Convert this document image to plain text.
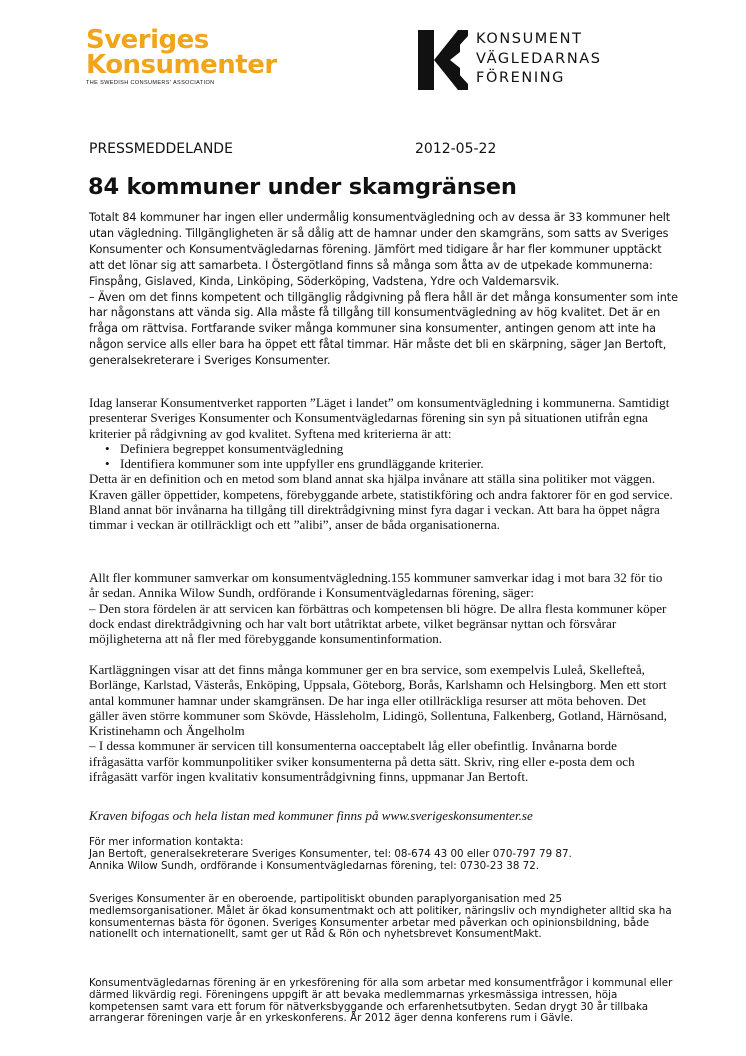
Sveriges
Konsumenter
THE SWEDISH CONSUMERS' ASSOCIATION
KONSUMENT
VÄGLEDARNAS
FÖRENING
PRESSMEDDELANDE	2012-05-22
84 kommuner under skamgränsen

Totalt 84 kommuner har ingen eller undermålig konsumentvägledning och av dessa är 33 kommuner helt utan vägledning. Tillgängligheten är så dålig att de hamnar under den skamgräns, som satts av Sveriges Konsumenter och Konsumentvägledarnas förening. Jämfört med tidigare år har fler kommuner upptäckt att det lönar sig att samarbeta. I Östergötland finns så många som åtta av de utpekade kommunerna: Finspång, Gislaved, Kinda, Linköping, Söderköping, Vadstena, Ydre och Valdemarsvik.

– Även om det finns kompetent och tillgänglig rådgivning på flera håll är det många konsumenter som inte har någonstans att vända sig. Alla måste få tillgång till konsumentvägledning av hög kvalitet. Det är en fråga om rättvisa. Fortfarande sviker många kommuner sina konsumenter, antingen genom att inte ha någon service alls eller bara ha öppet ett fåtal timmar. Här måste det bli en skärpning, säger Jan Bertoft, generalsekreterare i Sveriges Konsumenter.

Idag lanserar Konsumentverket rapporten ”Läget i landet” om konsumentvägledning i kommunerna. Samtidigt presenterar Sveriges Konsumenter och Konsumentvägledarnas förening sin syn på situationen utifrån egna kriterier på rådgivning av god kvalitet. Syftena med kriterierna är att:

Definiera begreppet konsumentvägledning
Identifiera kommuner som inte uppfyller ens grundläggande kriterier.

Detta är en definition och en metod som bland annat ska hjälpa invånare att ställa sina politiker mot väggen. Kraven gäller öppettider, kompetens, förebyggande arbete, statistikföring och andra faktorer för en god service. Bland annat bör invånarna ha tillgång till direktrådgivning minst fyra dagar i veckan. Att bara ha öppet några timmar i veckan är otillräckligt och ett ”alibi”, anser de båda organisationerna.

Allt fler kommuner samverkar om konsumentvägledning.155 kommuner samverkar idag i mot bara 32 för tio år sedan. Annika Wilow Sundh, ordförande i Konsumentvägledarnas förening, säger:

– Den stora fördelen är att servicen kan förbättras och kompetensen bli högre. De allra flesta kommuner köper dock endast direktrådgivning och har valt bort utåtriktat arbete, vilket begränsar nyttan och försvårar möjligheterna att nå fler med förebyggande konsumentinformation.

Kartläggningen visar att det finns många kommuner ger en bra service, som exempelvis Luleå, Skellefteå, Borlänge, Karlstad, Västerås, Enköping, Uppsala, Göteborg, Borås, Karlshamn och Helsingborg. Men ett stort antal kommuner hamnar under skamgränsen. De har inga eller otillräckliga resurser att möta behoven. Det gäller även större kommuner som Skövde, Hässleholm, Lidingö, Sollentuna, Falkenberg, Gotland, Härnösand, Kristinehamn och Ängelholm

– I dessa kommuner är servicen till konsumenterna oacceptabelt låg eller obefintlig. Invånarna borde ifrågasätta varför kommunpolitiker sviker konsumenterna på detta sätt. Skriv, ring eller e-posta dem och ifrågasätt varför ingen kvalitativ konsumentrådgivning finns, uppmanar Jan Bertoft.

Kraven bifogas och hela listan med kommuner finns på www.sverigeskonsumenter.se

För mer information kontakta:

Jan Bertoft, generalsekreterare Sveriges Konsumenter, tel: 08-674 43 00 eller 070-797 79 87.

Annika Wilow Sundh, ordförande i Konsumentvägledarnas förening, tel: 0730-23 38 72.

Sveriges Konsumenter är en oberoende, partipolitiskt obunden paraplyorganisation med 25 medlemsorganisationer. Målet är ökad konsumentmakt och att politiker, näringsliv och myndigheter alltid ska ha konsumenternas bästa för ögonen. Sveriges Konsumenter arbetar med påverkan och opinionsbildning, både nationellt och internationellt, samt ger ut Råd & Rön och nyhetsbrevet KonsumentMakt.
Konsumentvägledarnas förening är en yrkesförening för alla som arbetar med konsumentfrågor i kommunal eller därmed likvärdig regi. Föreningens uppgift är att bevaka medlemmarnas yrkesmässiga intressen, höja kompetensen samt vara ett forum för nätverksbyggande och erfarenhetsutbyten. Sedan drygt 30 år tillbaka arrangerar föreningen varje år en yrkeskonferens. År 2012 äger denna konferens rum i Gävle.
